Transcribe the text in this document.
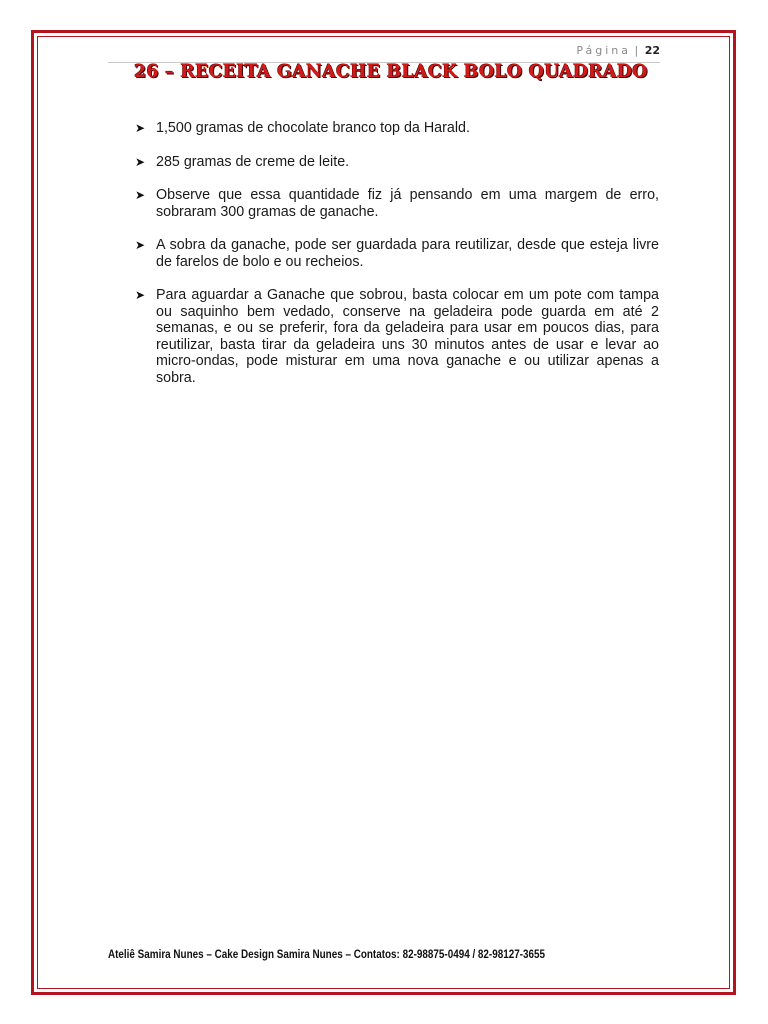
Página | 22
26 – RECEITA GANACHE BLACK BOLO QUADRADO
➤ 1,500 gramas de chocolate branco top da Harald.
➤ 285 gramas de creme de leite.
➤ Observe que essa quantidade fiz já pensando em uma margem de erro, sobraram 300 gramas de ganache.
➤ A sobra da ganache, pode ser guardada para reutilizar, desde que esteja livre de farelos de bolo e ou recheios.
➤ Para aguardar a Ganache que sobrou, basta colocar em um pote com tampa ou saquinho bem vedado, conserve na geladeira pode guarda em até 2 semanas, e ou se preferir, fora da geladeira para usar em poucos dias, para reutilizar, basta tirar da geladeira uns 30 minutos antes de usar e levar ao micro-ondas, pode misturar em uma nova ganache e ou utilizar apenas a sobra.
Ateliê Samira Nunes – Cake Design Samira Nunes – Contatos: 82-98875-0494 / 82-98127-3655
